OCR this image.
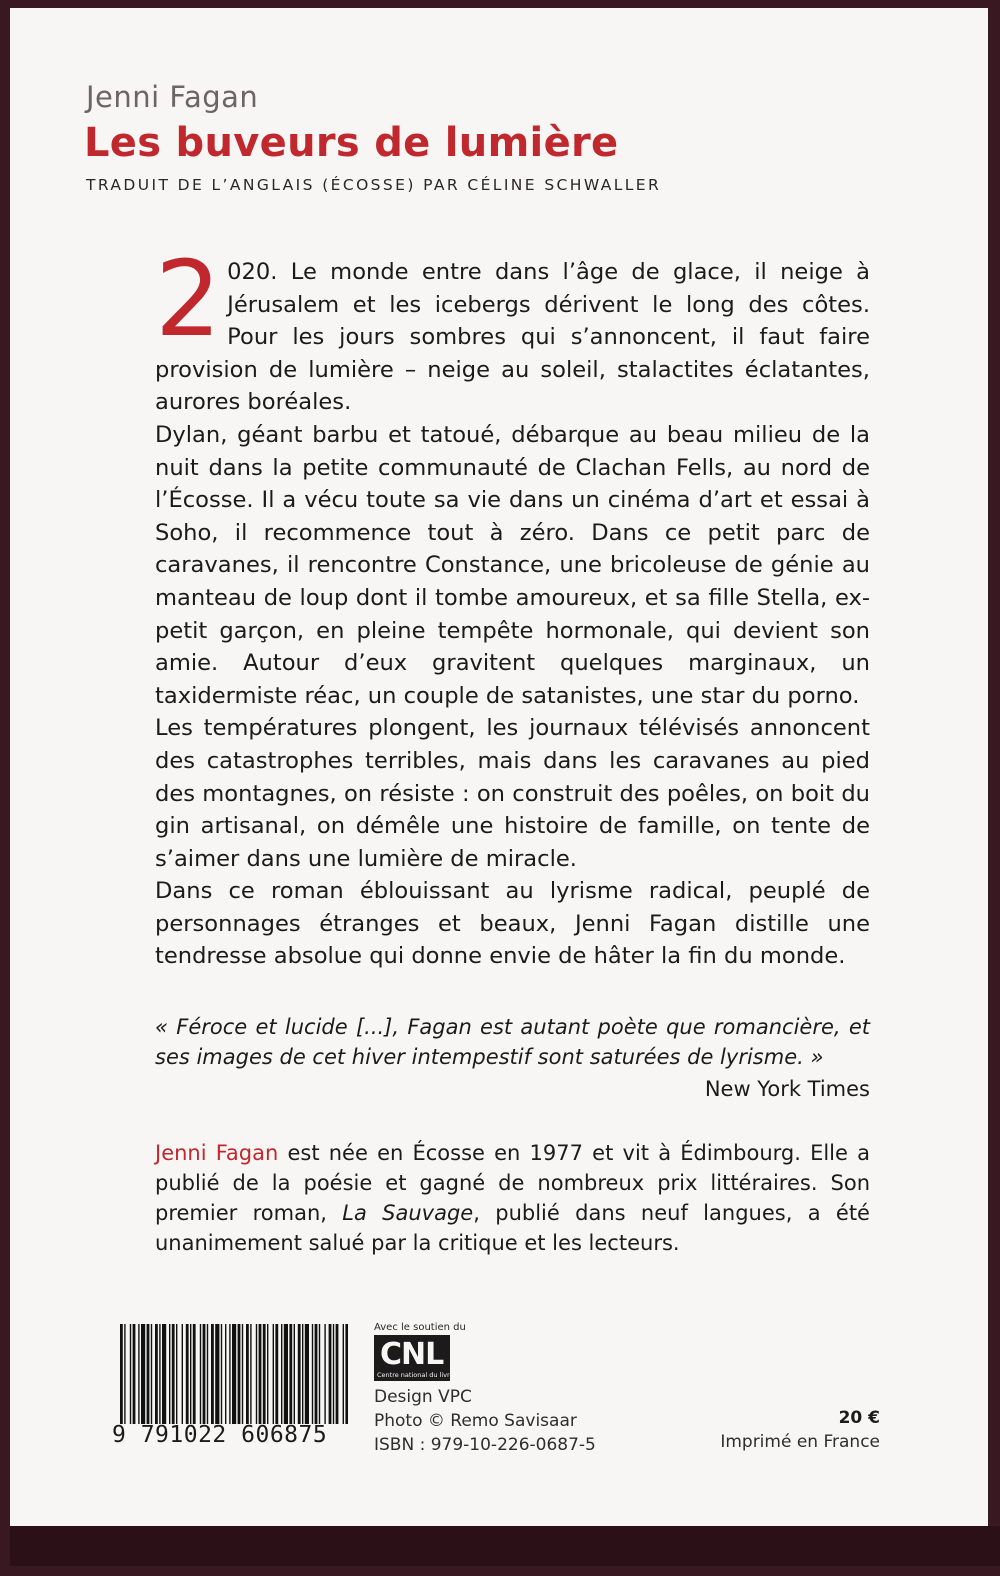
Jenni Fagan
Les buveurs de lumière
TRADUIT DE L’ANGLAIS (ÉCOSSE) PAR CÉLINE SCHWALLER

2 020. Le monde entre dans l’âge de glace, il neige à Jérusalem et les icebergs dérivent le long des côtes. Pour les jours sombres qui s’annoncent, il faut faire provision de lumière – neige au soleil, stalactites éclatantes, aurores boréales.

Dylan, géant barbu et tatoué, débarque au beau milieu de la nuit dans la petite communauté de Clachan Fells, au nord de l’Écosse. Il a vécu toute sa vie dans un cinéma d’art et essai à Soho, il recommence tout à zéro. Dans ce petit parc de caravanes, il rencontre Constance, une bricoleuse de génie au manteau de loup dont il tombe amoureux, et sa fille Stella, ex-petit garçon, en pleine tempête hormonale, qui devient son amie. Autour d’eux gravitent quelques marginaux, un taxidermiste réac, un couple de satanistes, une star du porno.

Les températures plongent, les journaux télévisés annoncent des catastrophes terribles, mais dans les caravanes au pied des montagnes, on résiste : on construit des poêles, on boit du gin artisanal, on démêle une histoire de famille, on tente de s’aimer dans une lumière de miracle.

Dans ce roman éblouissant au lyrisme radical, peuplé de personnages étranges et beaux, Jenni Fagan distille une tendresse absolue qui donne envie de hâter la fin du monde.

« Féroce et lucide [...], Fagan est autant poète que romancière, et ses images de cet hiver intempestif sont saturées de lyrisme. »
New York Times
Jenni Fagan est née en Écosse en 1977 et vit à Édimbourg. Elle a publié de la poésie et gagné de nombreux prix littéraires. Son premier roman, La Sauvage, publié dans neuf langues, a été unanimement salué par la critique et les lecteurs.
9 791022 606875
Avec le soutien du
CNL
Centre national du livre
Design VPC
Photo © Remo Savisaar
ISBN : 979-10-226-0687-5
20 €
Imprimé en France
